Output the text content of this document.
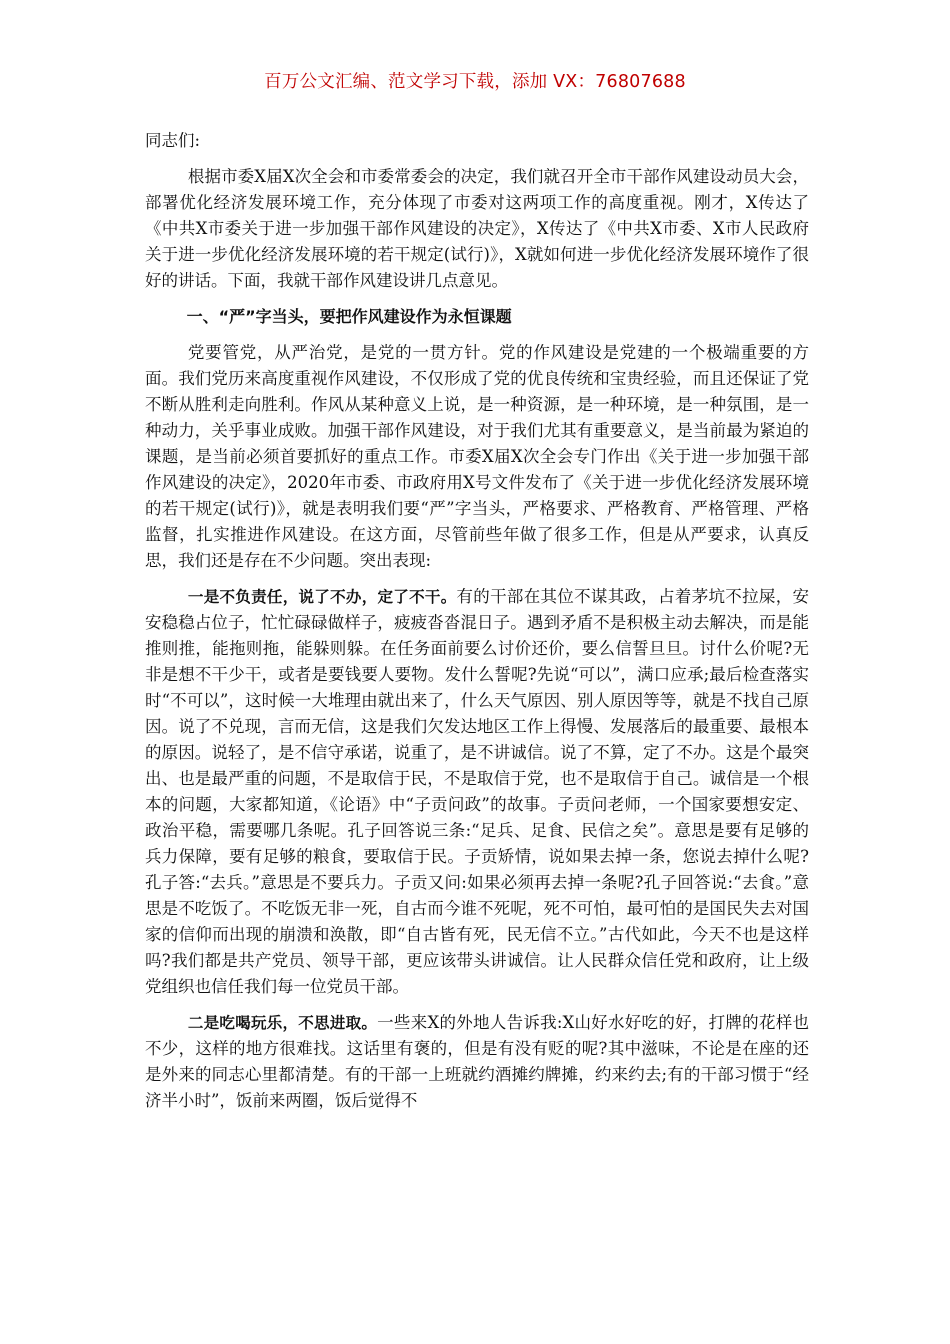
百万公文汇编、范文学习下载，添加 VX：76807688

同志们:

根据市委X届X次全会和市委常委会的决定，我们就召开全市干部作风建设动员大会，部署优化经济发展环境工作，充分体现了市委对这两项工作的高度重视。刚才，X传达了《中共X市委关于进一步加强干部作风建设的决定》，X传达了《中共X市委、X市人民政府关于进一步优化经济发展环境的若干规定(试行)》，X就如何进一步优化经济发展环境作了很好的讲话。下面，我就干部作风建设讲几点意见。

一、“严”字当头，要把作风建设作为永恒课题

党要管党，从严治党，是党的一贯方针。党的作风建设是党建的一个极端重要的方面。我们党历来高度重视作风建设，不仅形成了党的优良传统和宝贵经验，而且还保证了党不断从胜利走向胜利。作风从某种意义上说，是一种资源，是一种环境，是一种氛围，是一种动力，关乎事业成败。加强干部作风建设，对于我们尤其有重要意义，是当前最为紧迫的课题，是当前必须首要抓好的重点工作。市委X届X次全会专门作出《关于进一步加强干部作风建设的决定》，2020年市委、市政府用X号文件发布了《关于进一步优化经济发展环境的若干规定(试行)》，就是表明我们要“严”字当头，严格要求、严格教育、严格管理、严格监督，扎实推进作风建设。在这方面，尽管前些年做了很多工作，但是从严要求，认真反思，我们还是存在不少问题。突出表现:

一是不负责任，说了不办，定了不干。有的干部在其位不谋其政，占着茅坑不拉屎，安安稳稳占位子，忙忙碌碌做样子，疲疲沓沓混日子。遇到矛盾不是积极主动去解决，而是能推则推，能拖则拖，能躲则躲。在任务面前要么讨价还价，要么信誓旦旦。讨什么价呢?无非是想不干少干，或者是要钱要人要物。发什么誓呢?先说“可以”，满口应承;最后检查落实时“不可以”，这时候一大堆理由就出来了，什么天气原因、别人原因等等，就是不找自己原因。说了不兑现，言而无信，这是我们欠发达地区工作上得慢、发展落后的最重要、最根本的原因。说轻了，是不信守承诺，说重了，是不讲诚信。说了不算，定了不办。这是个最突出、也是最严重的问题，不是取信于民，不是取信于党，也不是取信于自己。诚信是一个根本的问题，大家都知道，《论语》中“子贡问政”的故事。子贡问老师，一个国家要想安定、政治平稳，需要哪几条呢。孔子回答说三条:“足兵、足食、民信之矣”。意思是要有足够的兵力保障，要有足够的粮食，要取信于民。子贡矫情，说如果去掉一条，您说去掉什么呢?孔子答:“去兵。”意思是不要兵力。子贡又问:如果必须再去掉一条呢?孔子回答说:“去食。”意思是不吃饭了。不吃饭无非一死，自古而今谁不死呢，死不可怕，最可怕的是国民失去对国家的信仰而出现的崩溃和涣散，即“自古皆有死，民无信不立。”古代如此，今天不也是这样吗?我们都是共产党员、领导干部，更应该带头讲诚信。让人民群众信任党和政府，让上级党组织也信任我们每一位党员干部。

二是吃喝玩乐，不思进取。一些来X的外地人告诉我:X山好水好吃的好，打牌的花样也不少，这样的地方很难找。这话里有褒的，但是有没有贬的呢?其中滋味，不论是在座的还是外来的同志心里都清楚。有的干部一上班就约酒摊约牌摊，约来约去;有的干部习惯于“经济半小时”，饭前来两圈，饭后觉得不
